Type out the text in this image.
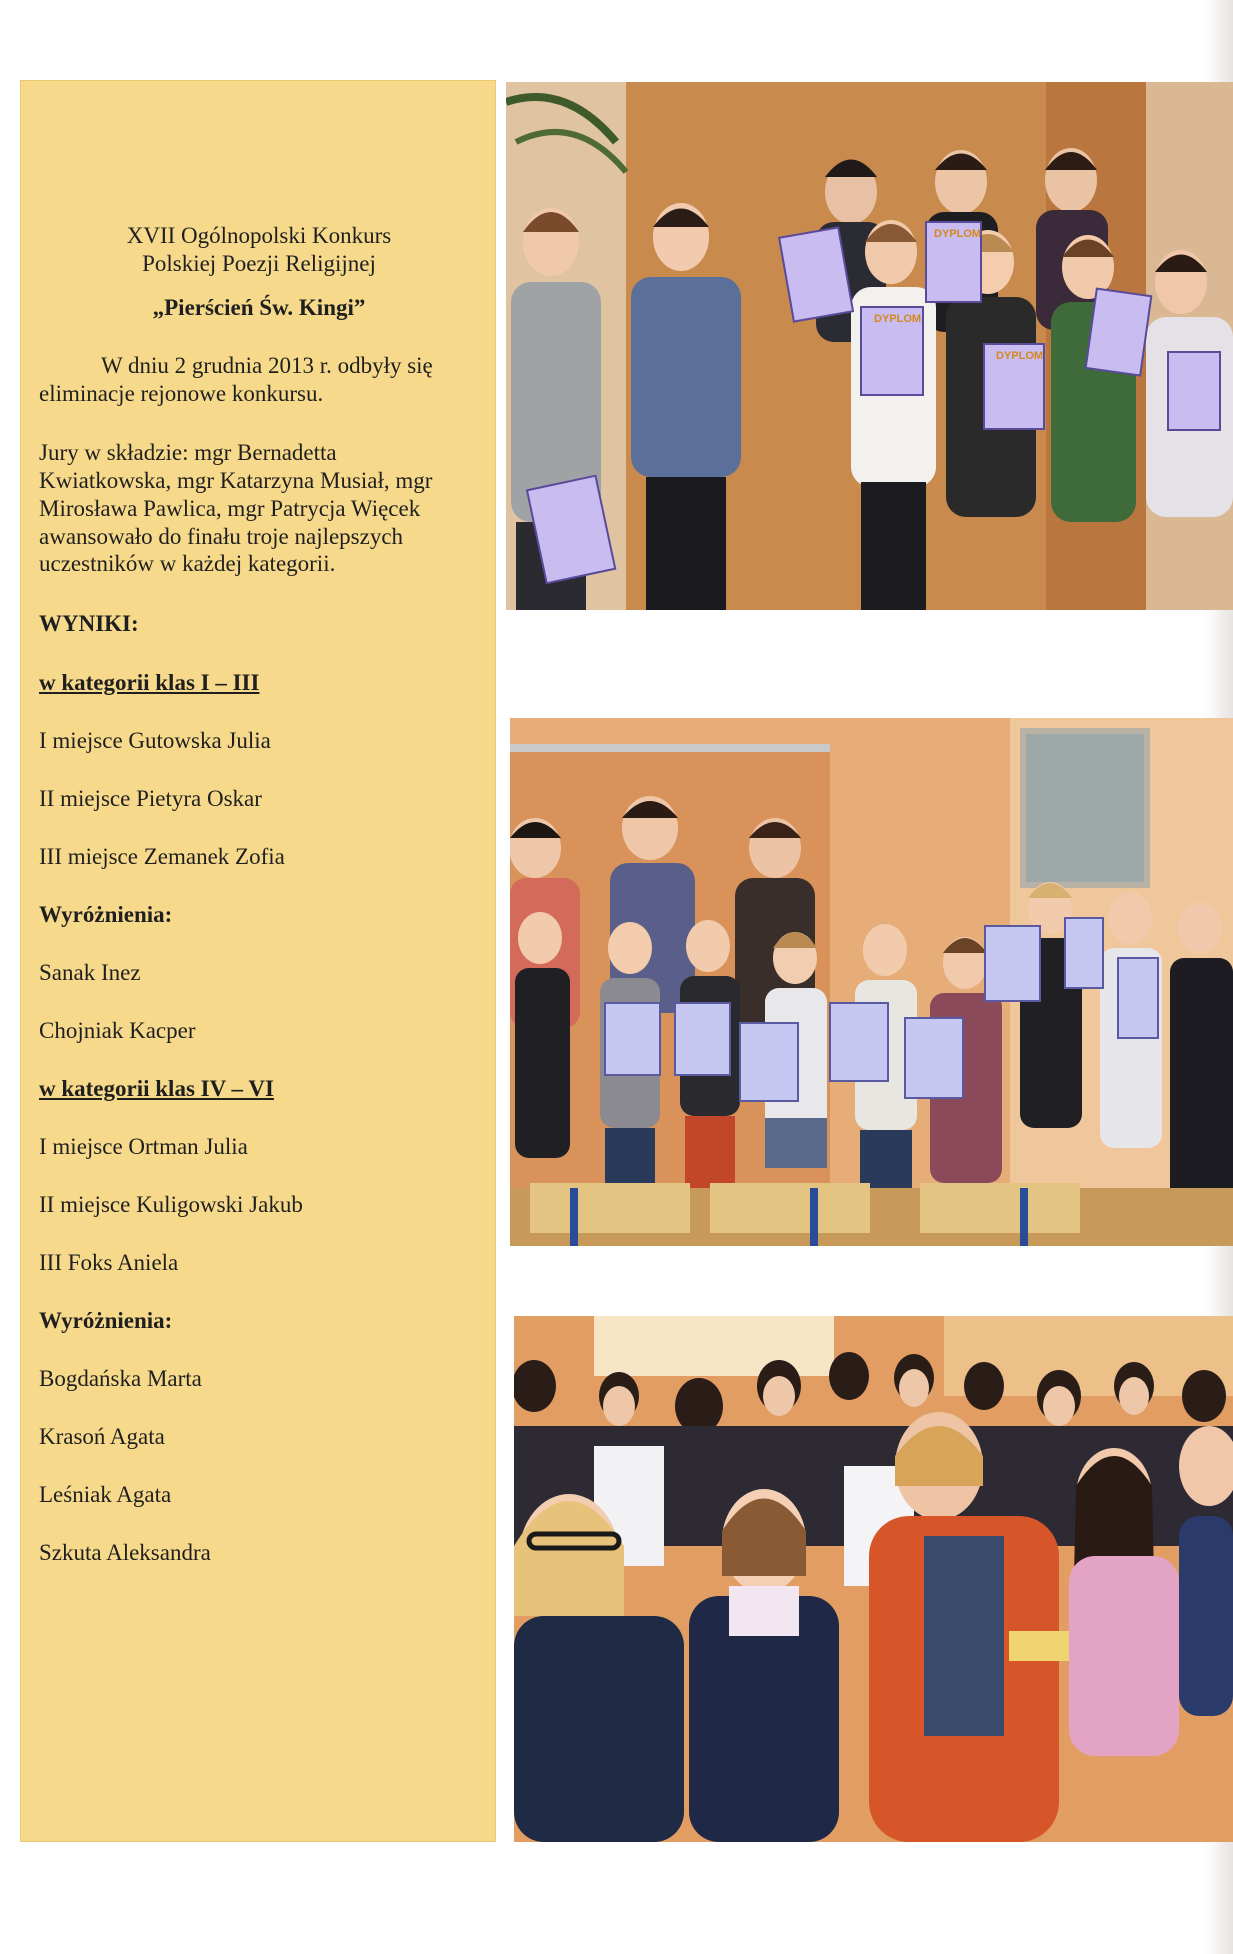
XVII Ogólnopolski Konkurs
Polskiej Poezji Religijnej
„Pierścień Św. Kingi”
W dniu 2 grudnia 2013 r. odbyły się
eliminacje rejonowe konkursu.
Jury w składzie: mgr Bernadetta
Kwiatkowska, mgr Katarzyna Musiał, mgr
Mirosława Pawlica, mgr Patrycja Więcek
awansowało do finału troje najlepszych
uczestników w każdej kategorii.
WYNIKI:
w kategorii klas I – III
I miejsce Gutowska Julia
II miejsce Pietyra Oskar
III miejsce Zemanek Zofia
Wyróżnienia:
Sanak Inez
Chojniak Kacper
w kategorii klas IV – VI
I miejsce Ortman Julia
II miejsce Kuligowski Jakub
III Foks Aniela
Wyróżnienia:
Bogdańska Marta
Krasoń Agata
Leśniak Agata
Szkuta Aleksandra
DYPLOM
DYPLOM
DYPLOM
